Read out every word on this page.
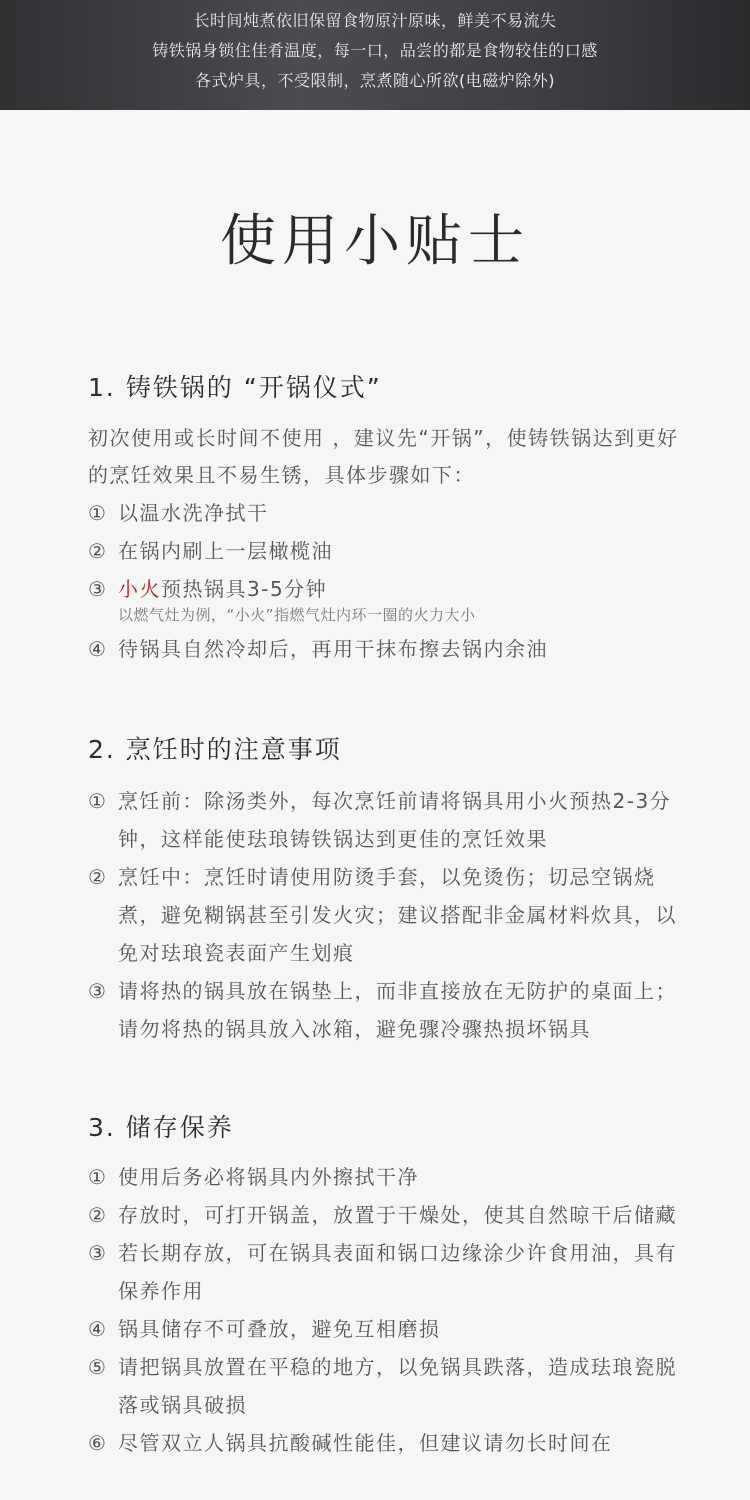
长时间炖煮依旧保留食物原汁原味，鲜美不易流失
铸铁锅身锁住佳肴温度，每一口，品尝的都是食物较佳的口感
各式炉具，不受限制，烹煮随心所欲(电磁炉除外)
使用小贴士
1. 铸铁锅的 “开锅仪式”
初次使用或长时间不使用 ，建议先“开锅”，使铸铁锅达到更好的烹饪效果且不易生锈，具体步骤如下：
① 以温水洗净拭干
② 在锅内刷上一层橄榄油
③ 小火预热锅具3-5分钟
以燃气灶为例，“小火”指燃气灶内环一圈的火力大小
④ 待锅具自然冷却后，再用干抹布擦去锅内余油
2. 烹饪时的注意事项
① 烹饪前：除汤类外，每次烹饪前请将锅具用小火预热2-3分钟，这样能使珐琅铸铁锅达到更佳的烹饪效果
② 烹饪中：烹饪时请使用防烫手套，以免烫伤；切忌空锅烧煮，避免糊锅甚至引发火灾；建议搭配非金属材料炊具，以免对珐琅瓷表面产生划痕
③ 请将热的锅具放在锅垫上，而非直接放在无防护的桌面上；请勿将热的锅具放入冰箱，避免骤冷骤热损坏锅具
3. 储存保养
① 使用后务必将锅具内外擦拭干净
② 存放时，可打开锅盖，放置于干燥处，使其自然晾干后储藏
③ 若长期存放，可在锅具表面和锅口边缘涂少许食用油，具有保养作用
④ 锅具储存不可叠放，避免互相磨损
⑤ 请把锅具放置在平稳的地方，以免锅具跌落，造成珐琅瓷脱落或锅具破损
⑥ 尽管双立人锅具抗酸碱性能佳，但建议请勿长时间在
